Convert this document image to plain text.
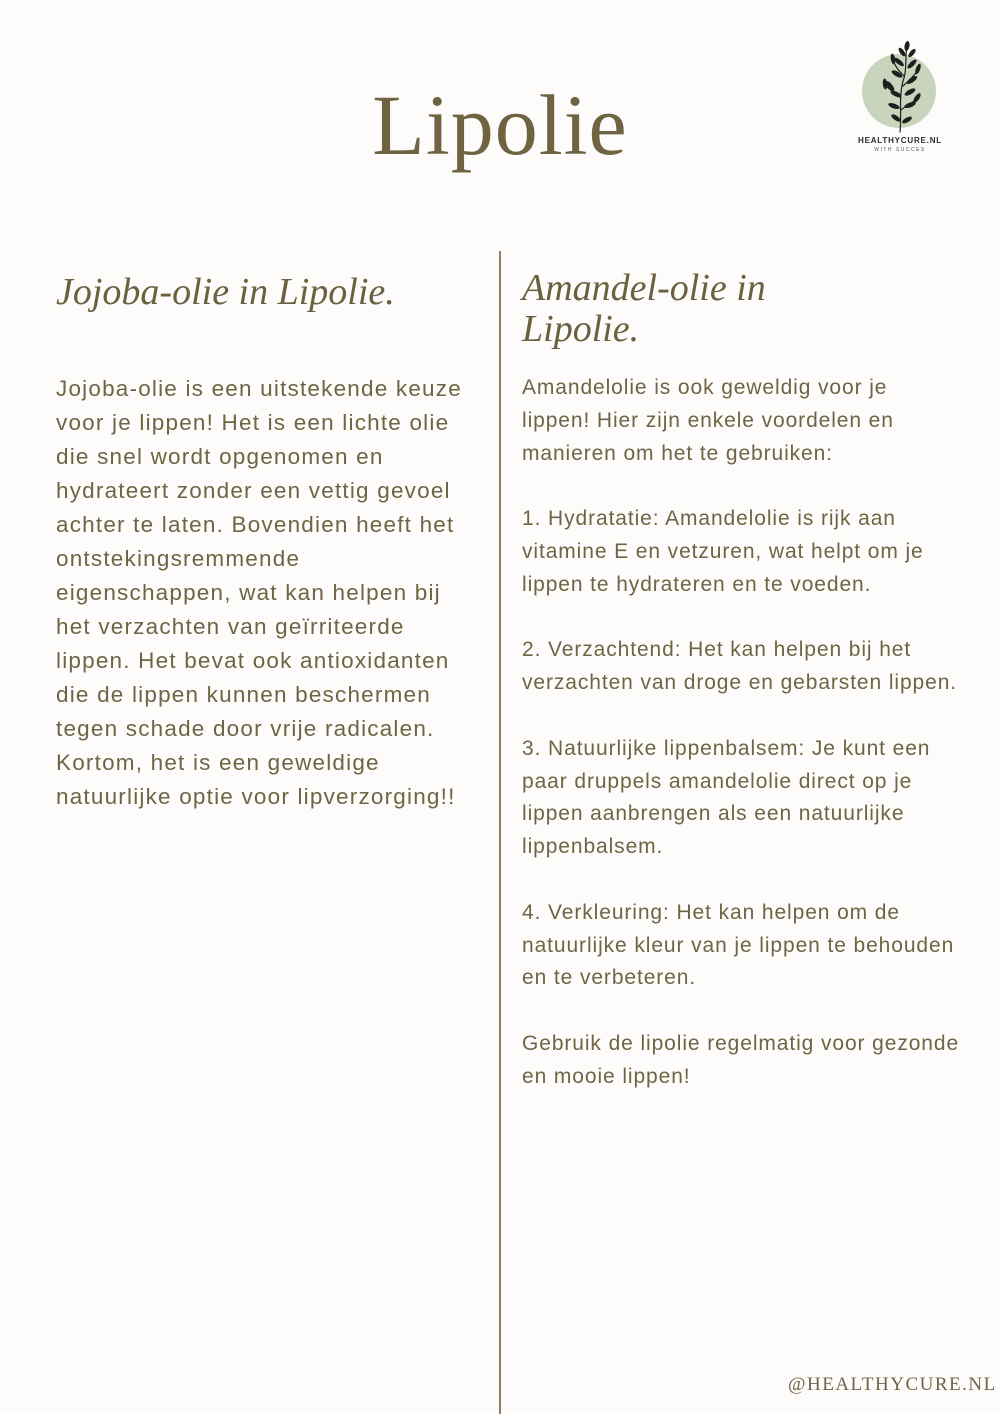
Lipolie	HEALTHYCURE.NL
WITH SUCCES
Jojoba-olie in Lipolie.

Jojoba-olie is een uitstekende keuze voor je lippen! Het is een lichte olie die snel wordt opgenomen en hydrateert zonder een vettig gevoel achter te laten. Bovendien heeft het ontstekingsremmende eigenschappen, wat kan helpen bij het verzachten van geïrriteerde lippen. Het bevat ook antioxidanten die de lippen kunnen beschermen tegen schade door vrije radicalen. Kortom, het is een geweldige natuurlijke optie voor lipverzorging!!

Amandel-olie in Lipolie.

Amandelolie is ook geweldig voor je lippen! Hier zijn enkele voordelen en manieren om het te gebruiken:

1. Hydratatie: Amandelolie is rijk aan vitamine E en vetzuren, wat helpt om je lippen te hydrateren en te voeden.

2. Verzachtend: Het kan helpen bij het verzachten van droge en gebarsten lippen.

3. Natuurlijke lippenbalsem: Je kunt een paar druppels amandelolie direct op je lippen aanbrengen als een natuurlijke lippenbalsem.

4. Verkleuring: Het kan helpen om de natuurlijke kleur van je lippen te behouden en te verbeteren.

Gebruik de lipolie regelmatig voor gezonde en mooie lippen!

@HEALTHYCURE.NL
